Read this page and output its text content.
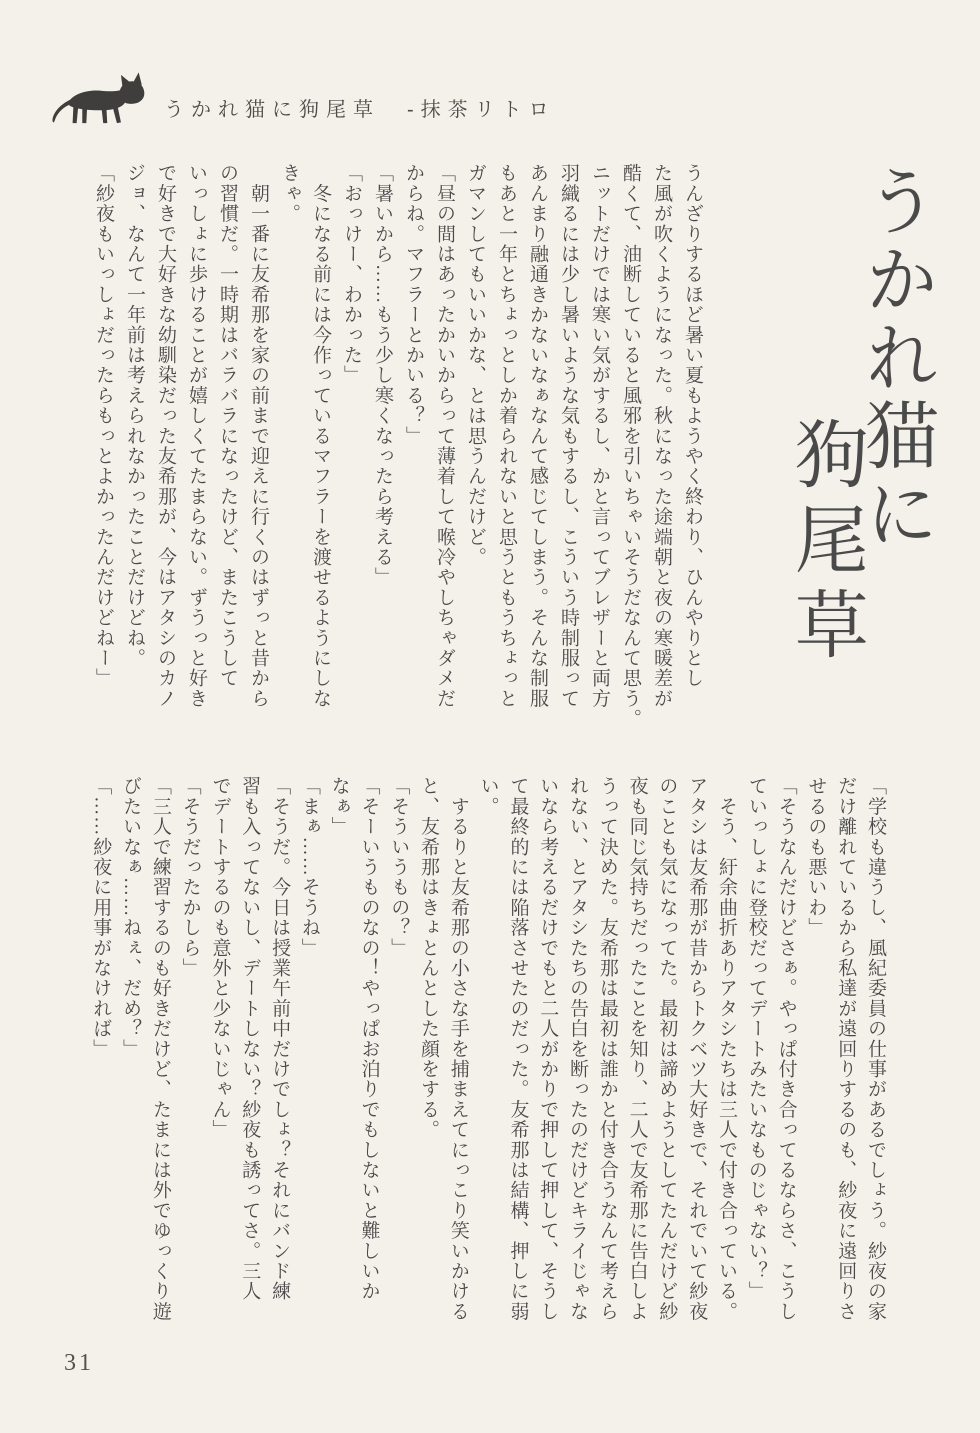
うかれ猫に狗尾草　-抹茶リトロ
うかれ猫に
狗尾草
うんざりするほど暑い夏もようやく終わり、ひんやりとし
た風が吹くようになった。秋になった途端朝と夜の寒暖差が
酷くて、油断していると風邪を引いちゃいそうだなんて思う。
ニットだけでは寒い気がするし、かと言ってブレザーと両方
羽織るには少し暑いような気もするし、こういう時制服って
あんまり融通きかないなぁなんて感じてしまう。そんな制服
もあと一年とちょっとしか着られないと思うともうちょっと
ガマンしてもいいかな、とは思うんだけど。
「昼の間はあったかいからって薄着して喉冷やしちゃダメだ
からね。マフラーとかいる？」
「暑いから……もう少し寒くなったら考える」
「おっけー、わかった」
　冬になる前には今作っているマフラーを渡せるようにしな
きゃ。
　朝一番に友希那を家の前まで迎えに行くのはずっと昔から
の習慣だ。一時期はバラバラになったけど、またこうして
いっしょに歩けることが嬉しくてたまらない。ずうっと好き
で好きで大好きな幼馴染だった友希那が、今はアタシのカノ
ジョ、なんて一年前は考えられなかったことだけどね。
「紗夜もいっしょだったらもっとよかったんだけどねー」
「学校も違うし、風紀委員の仕事があるでしょう。紗夜の家
だけ離れているから私達が遠回りするのも、紗夜に遠回りさ
せるのも悪いわ」
「そうなんだけどさぁ。やっぱ付き合ってるならさ、こうし
ていっしょに登校だってデートみたいなものじゃない？」
　そう、紆余曲折ありアタシたちは三人で付き合っている。
アタシは友希那が昔からトクベツ大好きで、それでいて紗夜
のことも気になってた。最初は諦めようとしてたんだけど紗
夜も同じ気持ちだったことを知り、二人で友希那に告白しよ
うって決めた。友希那は最初は誰かと付き合うなんて考えら
れない、とアタシたちの告白を断ったのだけどキライじゃな
いなら考えるだけでもと二人がかりで押して押して、そうし
て最終的には陥落させたのだった。友希那は結構、押しに弱
い。
　するりと友希那の小さな手を捕まえてにっこり笑いかける
と、友希那はきょとんとした顔をする。
「そういうもの？」
「そーいうものなの！やっぱお泊りでもしないと難しいか
なぁ」
「まぁ……そうね」
「そうだ。今日は授業午前中だけでしょ？それにバンド練
習も入ってないし、デートしない？紗夜も誘ってさ。三人
でデートするのも意外と少ないじゃん」
「そうだったかしら」
「三人で練習するのも好きだけど、たまには外でゆっくり遊
びたいなぁ……ねぇ、だめ？」
「……紗夜に用事がなければ」
31
